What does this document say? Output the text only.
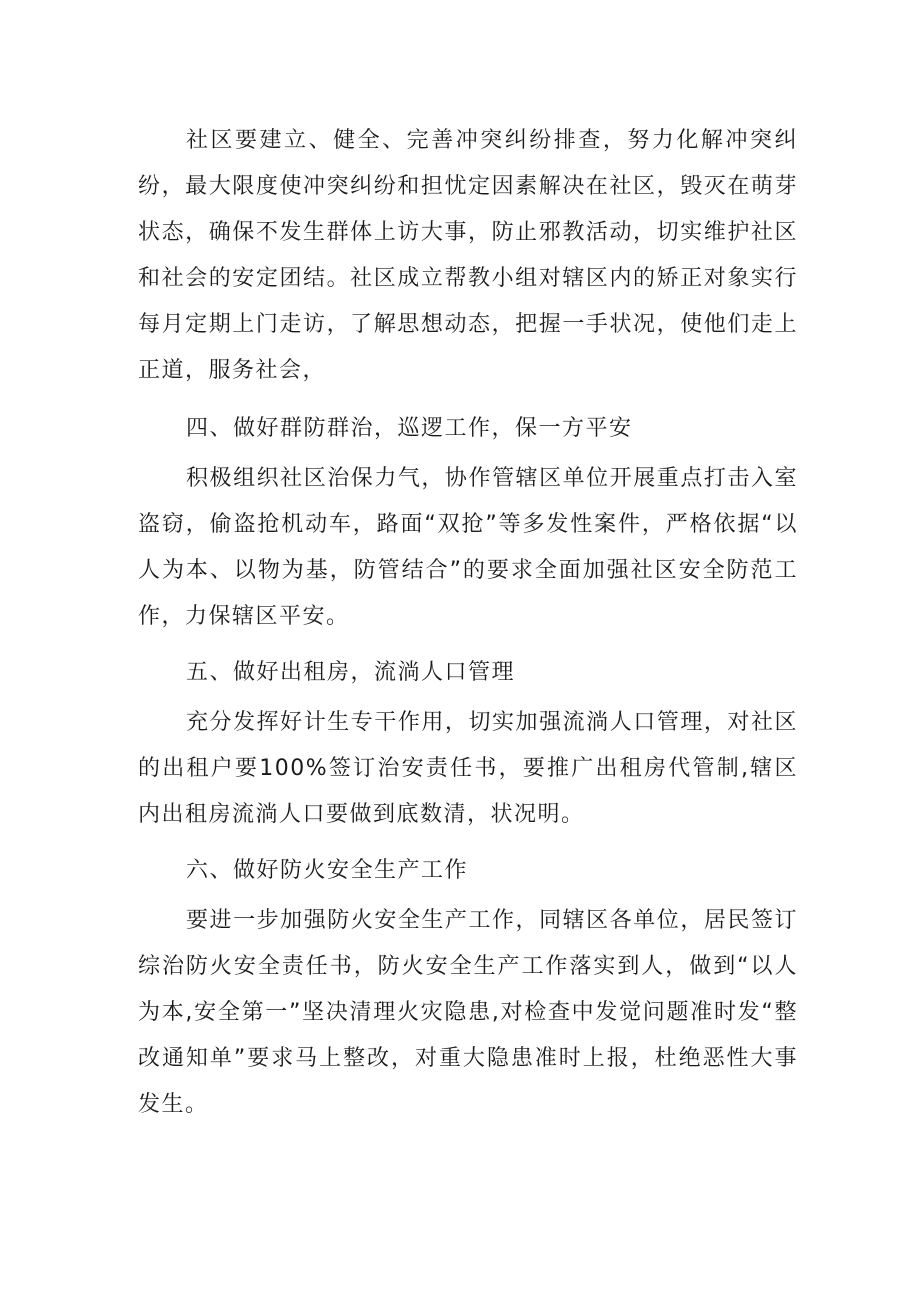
社区要建立、健全、完善冲突纠纷排查，努力化解冲突纠纷，最大限度使冲突纠纷和担忧定因素解决在社区，毁灭在萌芽状态，确保不发生群体上访大事，防止邪教活动，切实维护社区和社会的安定团结。社区成立帮教小组对辖区内的矫正对象实行每月定期上门走访，了解思想动态，把握一手状况，使他们走上正道，服务社会，

四、做好群防群治，巡逻工作，保一方平安

积极组织社区治保力气，协作管辖区单位开展重点打击入室盗窃，偷盗抢机动车，路面“双抢”等多发性案件，严格依据“以人为本、以物为基，防管结合”的要求全面加强社区安全防范工作，力保辖区平安。

五、做好出租房，流淌人口管理

充分发挥好计生专干作用，切实加强流淌人口管理，对社区的出租户要100%签订治安责任书，要推广出租房代管制,辖区内出租房流淌人口要做到底数清，状况明。

六、做好防火安全生产工作

要进一步加强防火安全生产工作，同辖区各单位，居民签订综治防火安全责任书，防火安全生产工作落实到人，做到“以人为本,安全第一”坚决清理火灾隐患,对检查中发觉问题准时发“整改通知单”要求马上整改，对重大隐患准时上报，杜绝恶性大事发生。
